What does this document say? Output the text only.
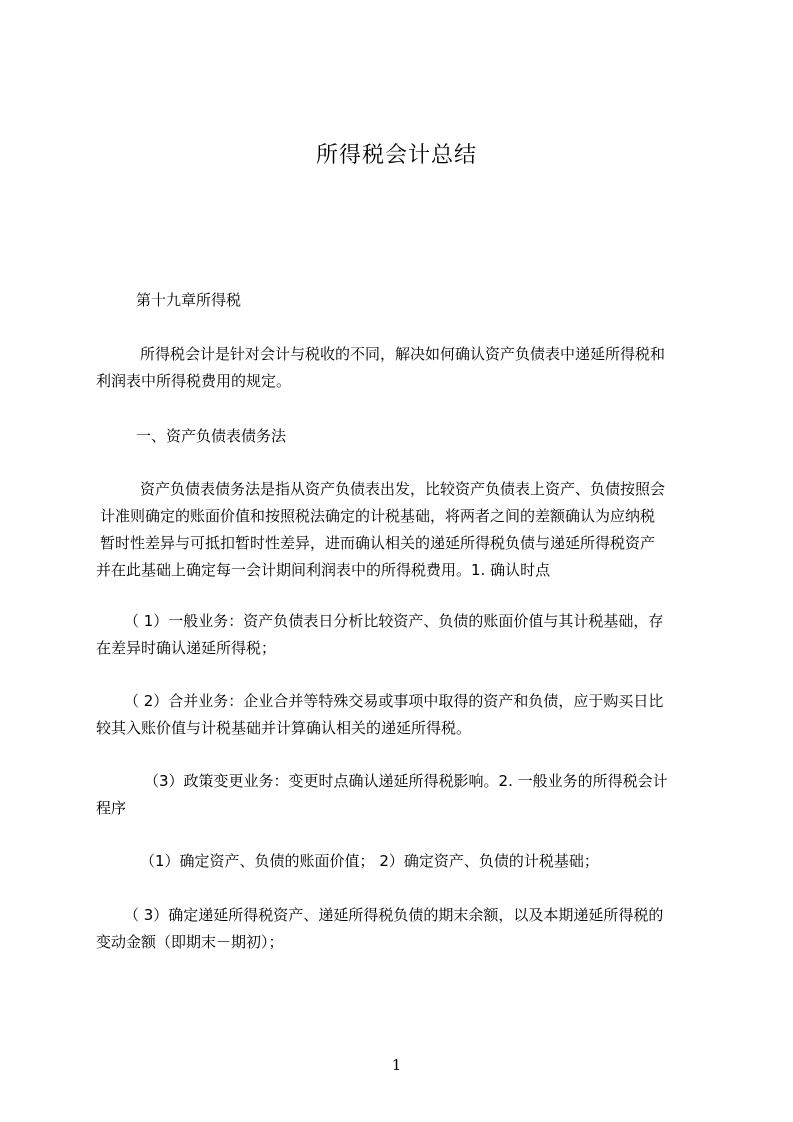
所得税会计总结

第十九章所得税

所得税会计是针对会计与税收的不同，解决如何确认资产负债表中递延所得税和
利润表中所得税费用的规定。

一、资产负债表债务法

资产负债表债务法是指从资产负债表出发，比较资产负债表上资产、负债按照会
计准则确定的账面价值和按照税法确定的计税基础，将两者之间的差额确认为应纳税
暂时性差异与可抵扣暂时性差异，进而确认相关的递延所得税负债与递延所得税资产
并在此基础上确定每一会计期间利润表中的所得税费用。1. 确认时点

（ 1）一般业务：资产负债表日分析比较资产、负债的账面价值与其计税基础，存
在差异时确认递延所得税；

（ 2）合并业务：企业合并等特殊交易或事项中取得的资产和负债，应于购买日比
较其入账价值与计税基础并计算确认相关的递延所得税。

（3）政策变更业务：变更时点确认递延所得税影响。2. 一般业务的所得税会计
程序

（1）确定资产、负债的账面价值； 2）确定资产、负债的计税基础；

（ 3）确定递延所得税资产、递延所得税负债的期末余额，以及本期递延所得税的
变动金额（即期末－期初）；

1
